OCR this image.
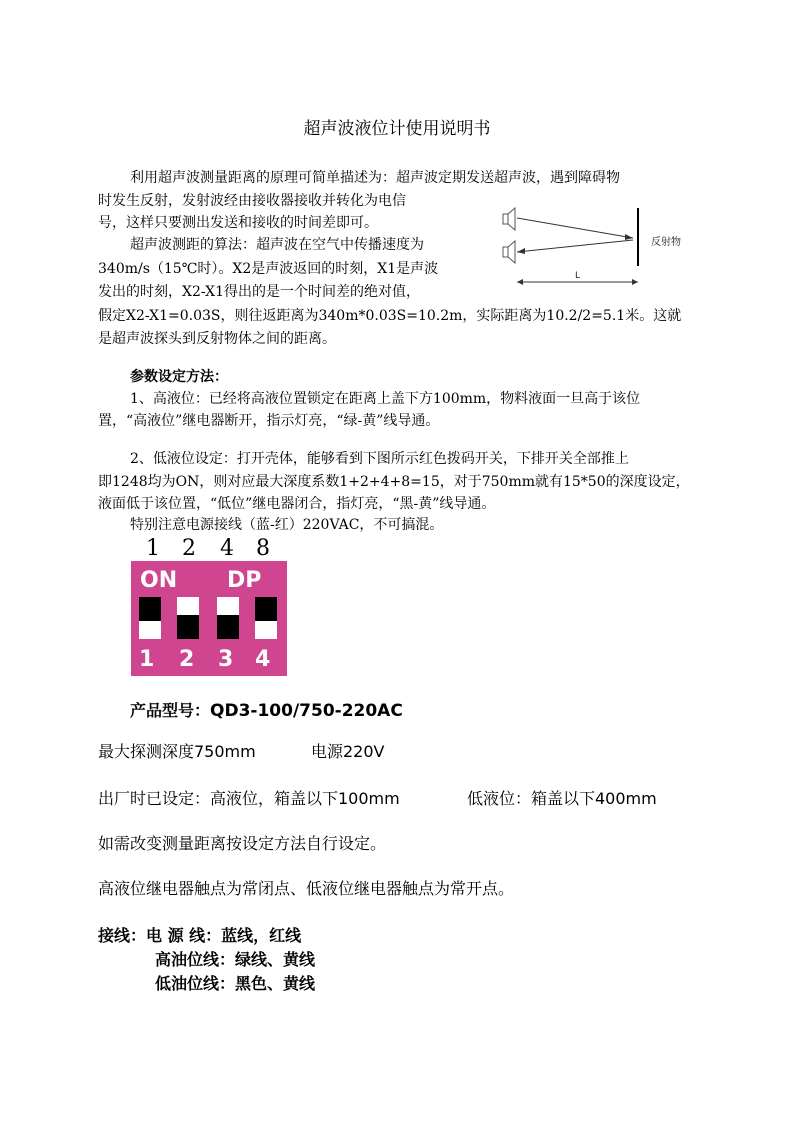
超声波液位计使用说明书
利用超声波测量距离的原理可简单描述为：超声波定期发送超声波，遇到障碍物
时发生反射，发射波经由接收器接收并转化为电信
号，这样只要测出发送和接收的时间差即可。
超声波测距的算法：超声波在空气中传播速度为
340m/s（15℃时）。X2是声波返回的时刻，X1是声波
发出的时刻，X2-X1得出的是一个时间差的绝对值，
假定X2-X1=0.03S，则往返距离为340m*0.03S=10.2m，实际距离为10.2/2=5.1米。这就
是超声波探头到反射物体之间的距离。
反射物
L
参数设定方法：
1、高液位：已经将高液位置锁定在距离上盖下方100mm，物料液面一旦高于该位
置，“高液位”继电器断开，指示灯亮，“绿-黄”线导通。
2、低液位设定：打开壳体，能够看到下图所示红色拨码开关，下排开关全部推上
即1248均为ON，则对应最大深度系数1+2+4+8=15，对于750mm就有15*50的深度设定，
液面低于该位置，“低位”继电器闭合，指灯亮，“黑-黄”线导通。
特别注意电源接线（蓝-红）220VAC，不可搞混。
1 2 4 8
ON DP
1 2 3 4
产品型号：QD3-100/750-220AC
最大探测深度750mm	电源220V
出厂时已设定：高液位，箱盖以下100mm	低液位：箱盖以下400mm
如需改变测量距离按设定方法自行设定。
高液位继电器触点为常闭点、低液位继电器触点为常开点。
接线：电 源 线：蓝线，红线
高油位线：绿线、黄线
低油位线：黑色、黄线
